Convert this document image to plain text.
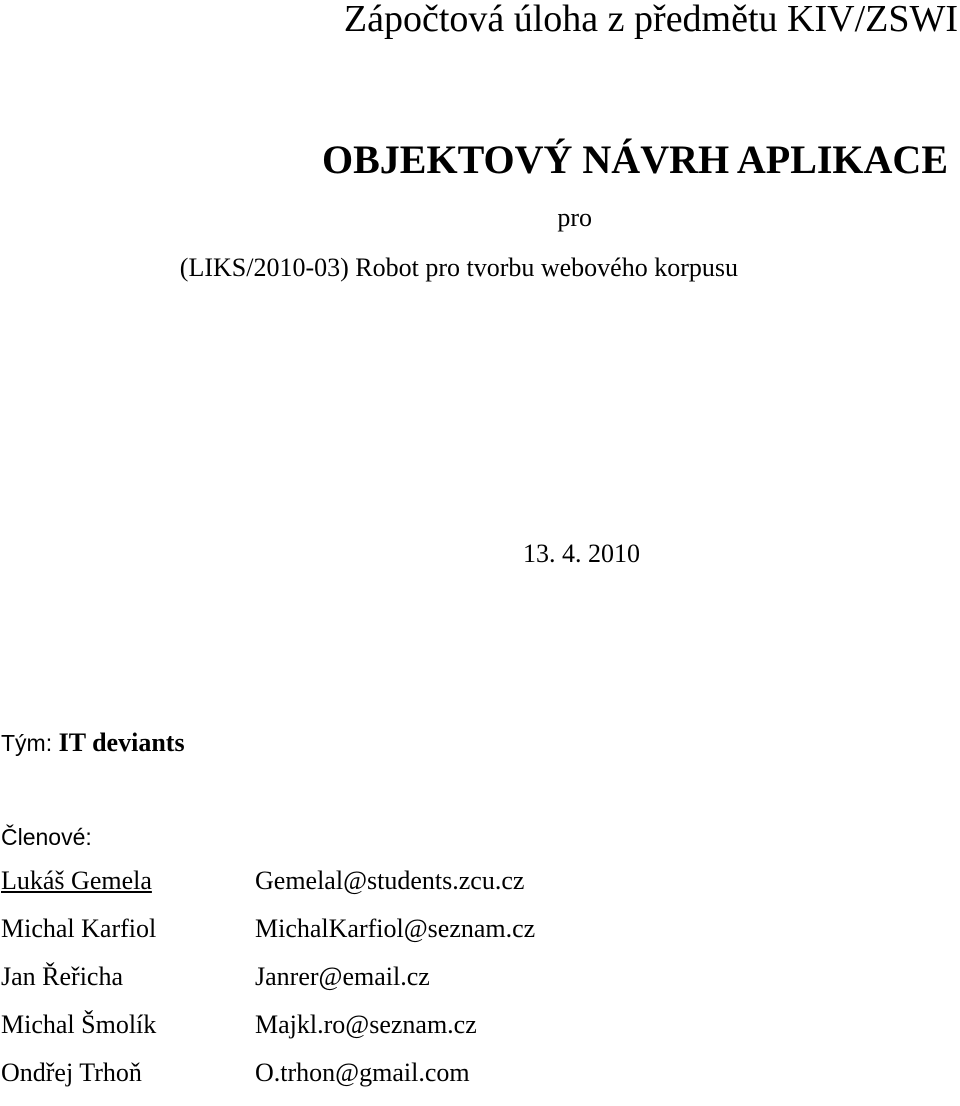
Zápočtová úloha z předmětu KIV/ZSWI
OBJEKTOVÝ NÁVRH APLIKACE
pro
(LIKS/2010-03) Robot pro tvorbu webového korpusu
13. 4. 2010
Tým: IT deviants
Členové:
Lukáš Gemela	Gemelal@students.zcu.cz
Michal Karfiol	MichalKarfiol@seznam.cz
Jan Řeřicha	Janrer@email.cz
Michal Šmolík	Majkl.ro@seznam.cz
Ondřej Trhoň	O.trhon@gmail.com
